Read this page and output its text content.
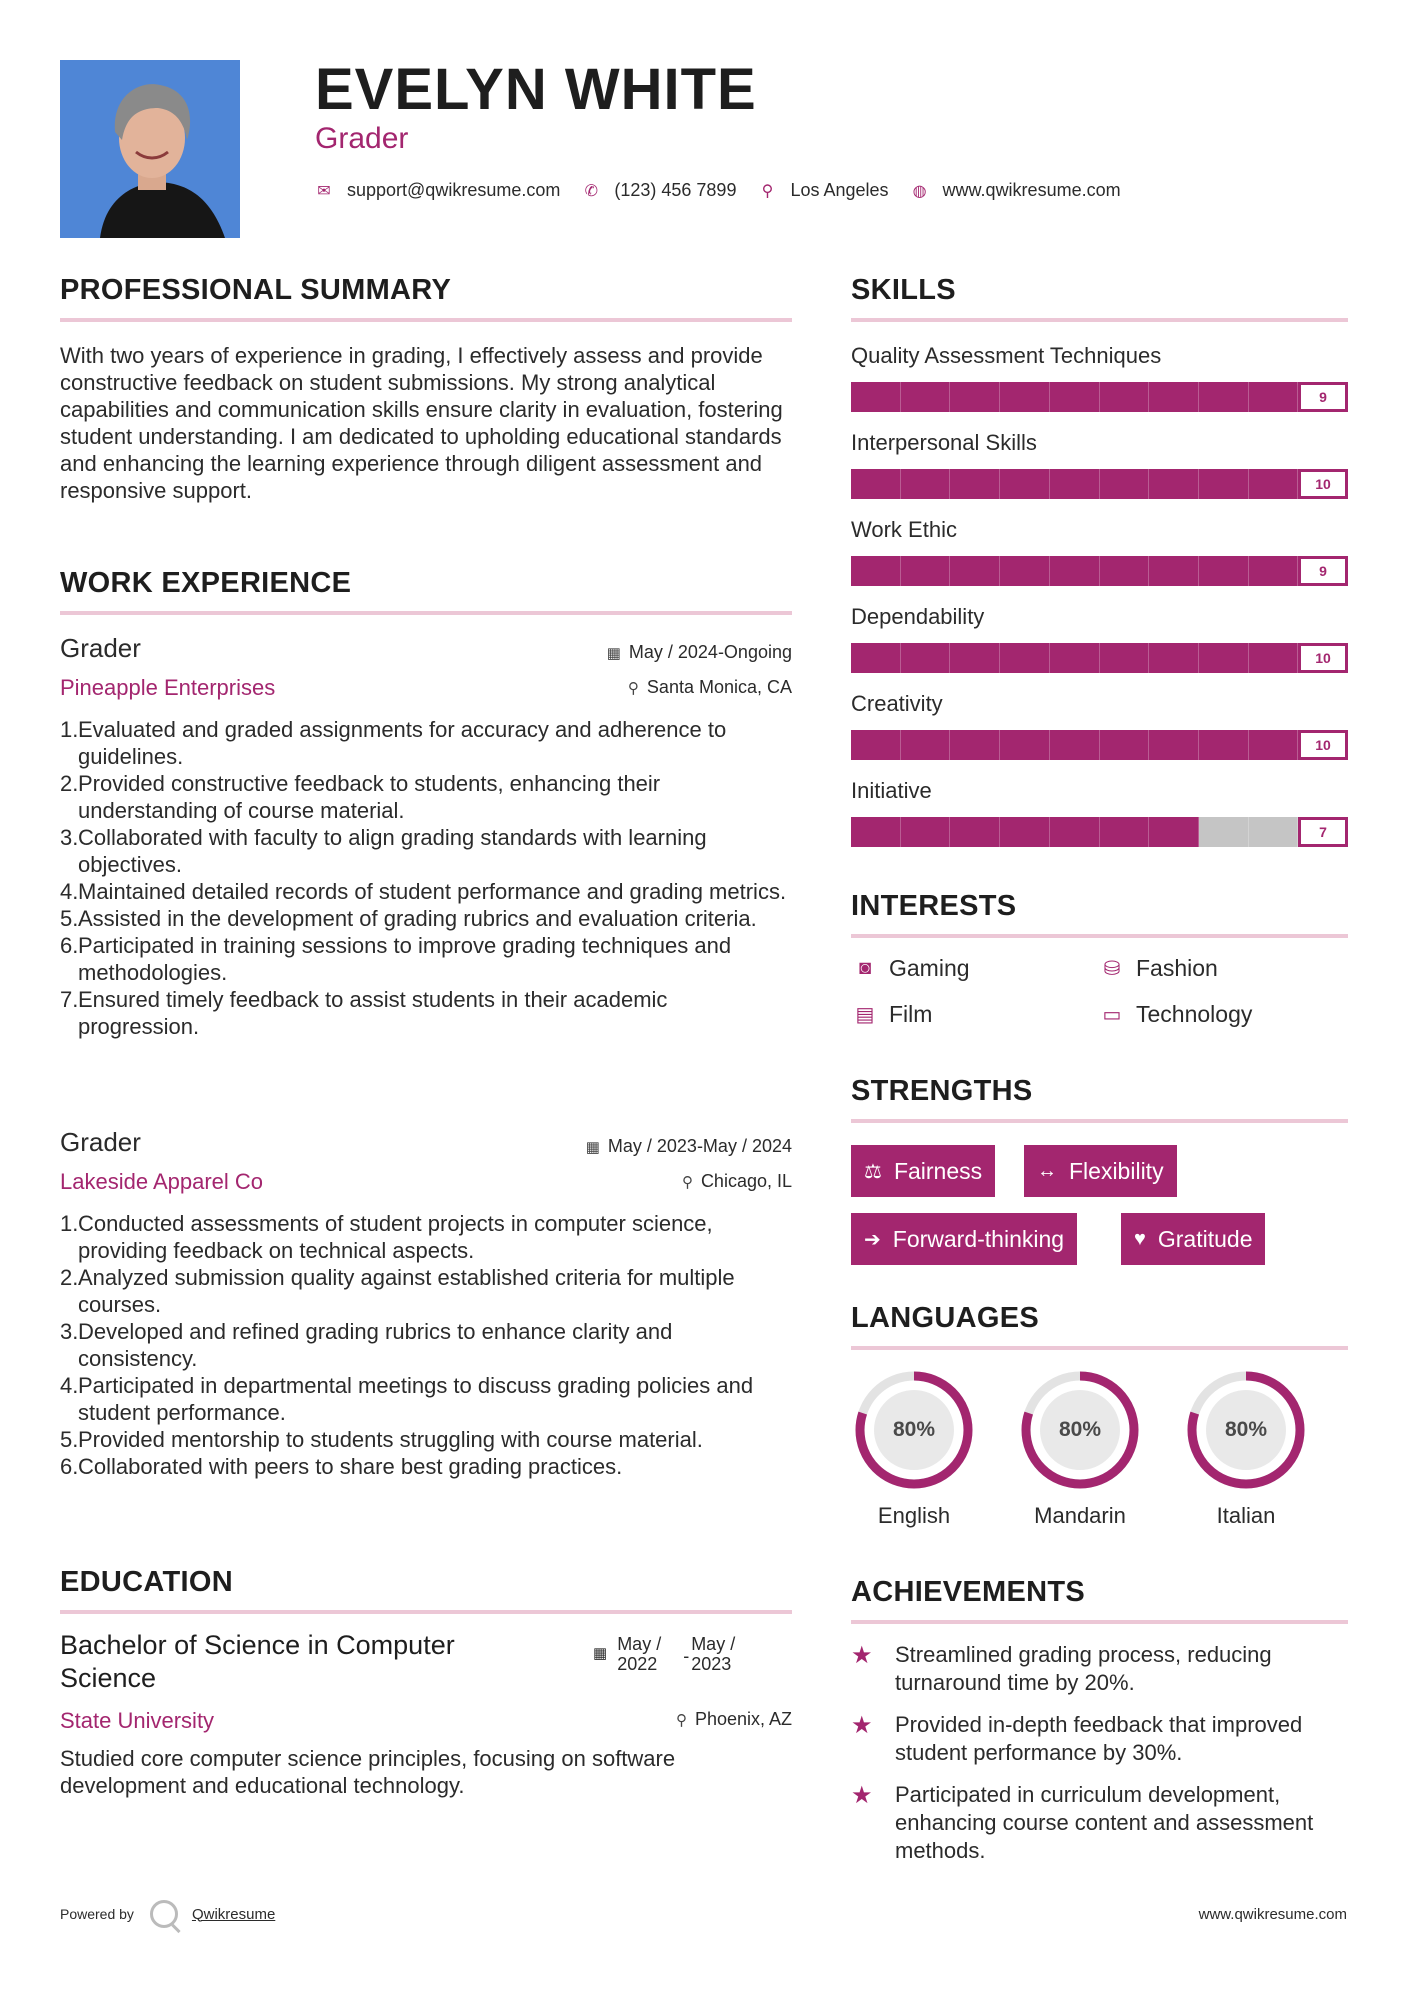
EVELYN WHITE
Grader
✉ support@qwikresume.com ✆ (123) 456 7899 ⚲ Los Angeles ◍ www.qwikresume.com
PROFESSIONAL SUMMARY
With two years of experience in grading, I effectively assess and provide constructive feedback on student submissions. My strong analytical capabilities and communication skills ensure clarity in evaluation, fostering student understanding. I am dedicated to upholding educational standards and enhancing the learning experience through diligent assessment and responsive support.
WORK EXPERIENCE
Grader	▦ May / 2024-Ongoing
Pineapple Enterprises	⚲ Santa Monica, CA
1. Evaluated and graded assignments for accuracy and adherence to guidelines.
2. Provided constructive feedback to students, enhancing their understanding of course material.
3. Collaborated with faculty to align grading standards with learning objectives.
4. Maintained detailed records of student performance and grading metrics.
5. Assisted in the development of grading rubrics and evaluation criteria.
6. Participated in training sessions to improve grading techniques and methodologies.
7. Ensured timely feedback to assist students in their academic progression.
Grader	▦ May / 2023-May / 2024
Lakeside Apparel Co	⚲ Chicago, IL
1. Conducted assessments of student projects in computer science, providing feedback on technical aspects.
2. Analyzed submission quality against established criteria for multiple courses.
3. Developed and refined grading rubrics to enhance clarity and consistency.
4. Participated in departmental meetings to discuss grading policies and student performance.
5. Provided mentorship to students struggling with course material.
6. Collaborated with peers to share best grading practices.
EDUCATION
Bachelor of Science in Computer Science
▦ May /
2022	-
May /
2023
State University	⚲ Phoenix, AZ
Studied core computer science principles, focusing on software development and educational technology.
SKILLS
Quality Assessment Techniques
9
Interpersonal Skills
10
Work Ethic
9
Dependability
10
Creativity
10
Initiative
7
INTERESTS
◙ Gaming	⛁ Fashion
▤ Film	▭ Technology
STRENGTHS
⚖ Fairness	↔ Flexibility
➔ Forward-thinking	♥ Gratitude
LANGUAGES
80%
English
80%
Mandarin
80%
Italian
ACHIEVEMENTS
★	Streamlined grading process, reducing turnaround time by 20%.
★	Provided in-depth feedback that improved student performance by 30%.
★	Participated in curriculum development, enhancing course content and assessment methods.
Powered by	Qwikresume	www.qwikresume.com
